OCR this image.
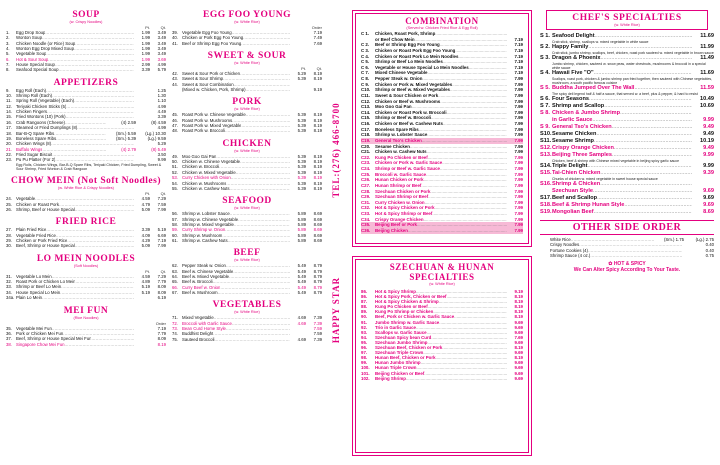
SOUP
(w. Crispy Noodles)
Pt.	Qt.
1.	Egg Drop Soup .....	1.99	3.49
2.	Wonton Soup .....	1.99	3.49
3.	Chicken Noodle (or Rice) Soup .....	1.99	3.49
4.	Wonton Egg Drop Mixed Soup .....	1.99	3.49
5.	Vegetable Soup .....	1.99	3.49
6.	Hot & Sour Soup .....	1.99	3.69
7.	House Special Soup .....	2.99	4.99
8.	Seafood Special Soup .....	3.39	5.79
APPETIZERS
9.	Egg Roll (Each) .....	1.25
10. Shrimp Roll (Each) .....	1.30
11.	Spring Roll (Vegetable) (Each) .....	1.10
12. Teriyaki Chicken Sticks (5) .....	4.99
14. Chicken Fingers .....	4.49
15. Fried Wontons (10) (Pork) .....	3.39
16. Crab Rangoons (Cheese) .....	(4) 2.59	(8) 4.59
17. Steamed or Fried Dumplings (8) .....	4.99
18. Bar-B-Q Spare Ribs .....	(Sm.) 5.59	(Lg.) 10.30
19. Boneless Spare Ribs .....	(Sm.) 5.39	(Lg.) 9.59
20. Chicken Wings (8) .....	5.29
21. Buffalo Wings .....	(4) 2.79	(8) 5.49
22. Fried Sugar Biscuit .....	3.50
23. Pu Pu Platter (For 2) .....	9.99
Egg Rolls, Chicken Wings, Bar-B-Q Spare Ribs, Teriyaki Chicken, Fried Dumpling, Sweet & Sour Shrimp, Fried Wonton & Crab Rangoon
CHOW MEIN (Not Soft Noodles)
(w. White Rice & Crispy Noodles)
Pt.	Qt.
24. Vegetable .....	4.59	7.29
25. Chicken or Roast Pork .....	4.79	7.59
26. Shrimp, Beef or House Special .....	5.09	7.99
FRIED RICE
27. Plain Fried Rice .....	3.39	5.19
28. Vegetable Fried Rice .....	4.09	6.69
29. Chicken or Pork Fried Rice .....	4.29	7.19
30. Beef, Shrimp or House Special .....	5.09	7.99
LO MEIN NOODLES
(Soft Noodles)
Pt.	Qt.
31. Vegetable Lo Mein .....	4.59	7.29
32. Roast Pork or Chicken Lo Mein .....	4.89	7.79
33. Shrimp or Beef Lo Mein .....	5.19	8.09
34. House Special Lo Mein .....	5.19	8.09
34a. Plain Lo Mein .....	6.19
MEI FUN
(Rice Noodles)
Order
35. Vegetable Mei Fun .....	7.19
36. Pork or Chicken Mei Fun .....	7.79
37. Beef, Shrimp or House Special Mei Fun .....	8.09
38. Singapore Chow Mei Fun .....	8.19
EGG FOO YOUNG
(w. White Rice)
Order
39. Vegetable Egg Foo Young .....	7.19
40. Chicken or Pork Egg Foo Young .....	7.49
41. Beef or Shrimp Egg Foo Young .....	7.69
SWEET & SOUR
(w. White Rice)
Pt.	Qt.
42. Sweet & Sour Pork or Chicken .....	5.29	8.19
43. Sweet & Sour Shrimp .....	5.39	8.19
44. Sweet & Sour Combination
.....
(Mixed w. Chicken, Pork, Shrimp) .....	9.19
PORK
(w. White Rice)
45. Roast Pork w. Chinese Vegetable .....	5.39	8.19
46. Roast Pork w. Mushrooms .....	5.39	8.19
47. Roast Pork w. Mixed Vegetable .....	5.39	8.19
48. Roast Pork w. Broccoli .....	5.39	8.19
CHICKEN
(w. White Rice)
49. Moo Goo Gai Pan .....	5.39	8.19
50. Chicken w. Chinese Vegetable .....	5.39	8.19
51. Chicken w. Broccoli .....	5.39	8.19
52. Chicken w. Mixed Vegetable .....	5.39	8.19
53. Curry Chicken with Onion .....	5.39	8.19
54. Chicken w. Mushrooms .....	5.39	8.19
55. Chicken w. Cashew Nuts .....	5.39	8.19
SEAFOOD
(w. White Rice)
56. Shrimp w. Lobster Sauce .....	5.89	8.69
57. Shrimp w. Chinese Vegetable .....	5.89	8.69
58. Shrimp w. Mixed Vegetable .....	5.89	8.69
59. Curry Shrimp w. Onion .....	5.89	8.69
60. Shrimp w. Mushroom .....	5.89	8.69
61. Shrimp w. Cashew Nuts .....	5.89	8.69
BEEF
(w. White Rice)
62. Pepper Steak w. Onion .....	5.49	8.79
63. Beef w. Chinese Vegetable .....	5.49	8.79
64. Beef w. Mixed Vegetable .....	5.49	8.79
65. Beef w. Broccoli .....	5.49	8.79
66. Curry Beef w. Onion .....	5.49	8.79
67. Beef w. Mushroom .....	5.49	8.79
VEGETABLES
(w. White Rice)
71. Mixed Vegetable .....	4.69	7.39
72. Broccoli with Garlic Sauce .....	4.69	7.39
73. Bean Curd Home Style .....	7.59
74. Buddhist Delight .....	7.59
75. Sauteed Broccoli .....	4.69	7.39
TEL:(276) 466-8700
HAPPY STAR
COMBINATION
(Served w. Chicken Fried Rice & Egg Roll)
C 1.	Chicken, Roast Pork, Shrimp
.....
or Beef Chow Mein .....	7.19
C 2.	Beef or Shrimp Egg Foo Young .....	7.19
C 3.	Chicken or Roast Pork Egg Foo Young .....	7.19
C 4.	Chicken or Roast Pork Lo Mein Noodles .....	7.19
C 5.	Shrimp or Beef Lo Mein Noodles .....	7.19
C 6.	Vegetable or House Special Lo Mein Noodles .....	7.19
C 7.	Mixed Chinese Vegetable .....	7.19
C 8.	Pepper Steak w. Onion .....	7.99
C 9.	Chicken or Pork w. Mixed Vegetables .....	7.99
C10.	Shrimp or Beef w. Mixed Vegetables .....	7.99
C11.	Sweet & Sour Chicken or Pork .....	7.99
C12.	Chicken or Beef w. Mushrooms .....	7.99
C13.	Moo Goo Gai Pan .....	7.99
C14.	Chicken or Roast Pork w. Broccoli .....	7.99
C15.	Shrimp or Beef w. Broccoli .....	7.99
C16.	Chicken or Beef w. Cashew Nuts .....	7.99
C17.	Boneless Spare Ribs .....	7.99
C18.	Shrimp w. Lobster Sauce .....	7.99
C19.	General Tso's Chicken .....	7.99
C20.	Sesame Chicken .....	7.99
C21.	Chicken w. Cashew Nuts .....	7.99
C22.	Kung Po Chicken or Beef .....	7.99
C23.	Chicken or Pork w. Garlic Sauce .....	7.99
C24.	Shrimp or Beef w. Garlic Sauce .....	7.99
C25.	Broccoli w. Garlic Sauce .....	7.99
C26.	Hunan Chicken or Pork .....	7.99
C27.	Hunan Shrimp or Beef .....	7.99
C28.	Szechuan Chicken or Pork .....	7.99
C29.	Szechuan Shrimp or Beef .....	7.99
C31.	Curry Chicken w. Onion .....	7.99
C32.	Hot & Spicy Chicken or Pork .....	7.99
C33.	Hot & Spicy Shrimp or Beef .....	7.99
C34.	Crispy Orange Chicken .....	7.99
C35.	Beijing Beef or Pork .....	7.99
C36.	Beijing Chicken .....	7.99
SZECHUAN & HUNAN
SPECIALTIES
(w. White Rice)
86.	Hot & Spicy Shrimp .....	9.19
86.	Hot & Spicy Pork, Chicken or Beef .....	8.19
87.	Hot & Spicy Chicken & Shrimp .....	8.19
88.	Kung Po Chicken or Beef .....	8.19
89.	Kung Po Shrimp or Chicken .....	8.19
90.	Beef, Pork or Chicken w. Garlic Sauce .....	8.19
91.	Jumbo Shrimp w. Garlic Sauce .....	9.69
92.	Trio in Garlic Sauce .....	9.69
93.	Scallops w. Garlic Sauce .....	9.69
94.	Szechuan Spicy bean Curd .....	7.69
95.	Szechuan Jumbo Shrimp .....	9.69
96.	Szechuan Beef, Chicken or Pork .....	8.19
97.	Szechuan Triple Crown .....	9.69
98.	Hunan Beef, Chicken or Pork .....	8.19
99.	Hunan Jumbo Shrimp .....	9.69
100.	Hunan Triple Crown .....	9.69
101.	Beijing Chicken or Beef .....	9.69
102.	Beijing Shrimp .....	9.69
CHEF'S SPECIALTIES
(w. White Rice)
S 1. Seafood Delight .....	11.69
Crab stick, shrimp, scallops w. mixed vegetable in white sauce
S 2. Happy Family .....	11.99
Crab stick, jumbo shrimp, scallops, beef, chicken, roast pork sauteed w. mixed vegetable in brown sauce
S 3. Dragon & Phoenix .....	11.49
Jumbo shrimp, chicken, sauteed w. snow peas, water chestnuts, mushrooms & broccoli in a special white sauce
S 4. Hawaii Five "O" .....	11.69
Scallops, roast pork, chicken & jumbo shrimp pan fried together, then sauteed with Chinese vegetables, mushroom, a south pacific famous cuisine
S 5. Buddha Jumped Over The Wall .....	11.59
The spicy deli legend half & half a sauce, that served w. a beef, plus & pepper, & hard to resist
S 6. Four Seasons .....	10.49
S 7. Shrimp and Scallop .....	10.69
S 8. Chicken & Jumbo Shrimp
.....
in Garlic Sauce .....	9.99
S 9. General Tso's Chicken .....	9.49
S10. Sesame Chicken .....	9.49
S11. Sesame Shrimp .....	10.19
S12. Crispy Orange Chicken .....	9.49
S13. Beijing Three Samples .....	9.99
Chicken, beef & shrimp with Chinese mixed vegetable in beijing spicy garlic sauce
S14. Triple Delight .....	9.99
S15. Tai-Chien Chicken .....	9.39
Chunks of chicken w. mixed vegetable in sweet house special sauce
S16. Shrimp & Chicken
.....
Szechuan Style .....	9.69
S17. Beef and Scallop .....	9.69
S18. Beef & Shrimp Hunan Style .....	9.69
S19. Mongolian Beef .....	8.69
OTHER SIDE ORDER
White Rice .....	(Sm.) 1.75	(Lg.) 2.75
Crispy Noodles .....	0.40
Fortune Cookies (4) .....	0.40
Shrimp Sauce (4 oz.) .....	0.75
✿ HOT & SPICY
We Can Alter Spicy According To Your Taste.
